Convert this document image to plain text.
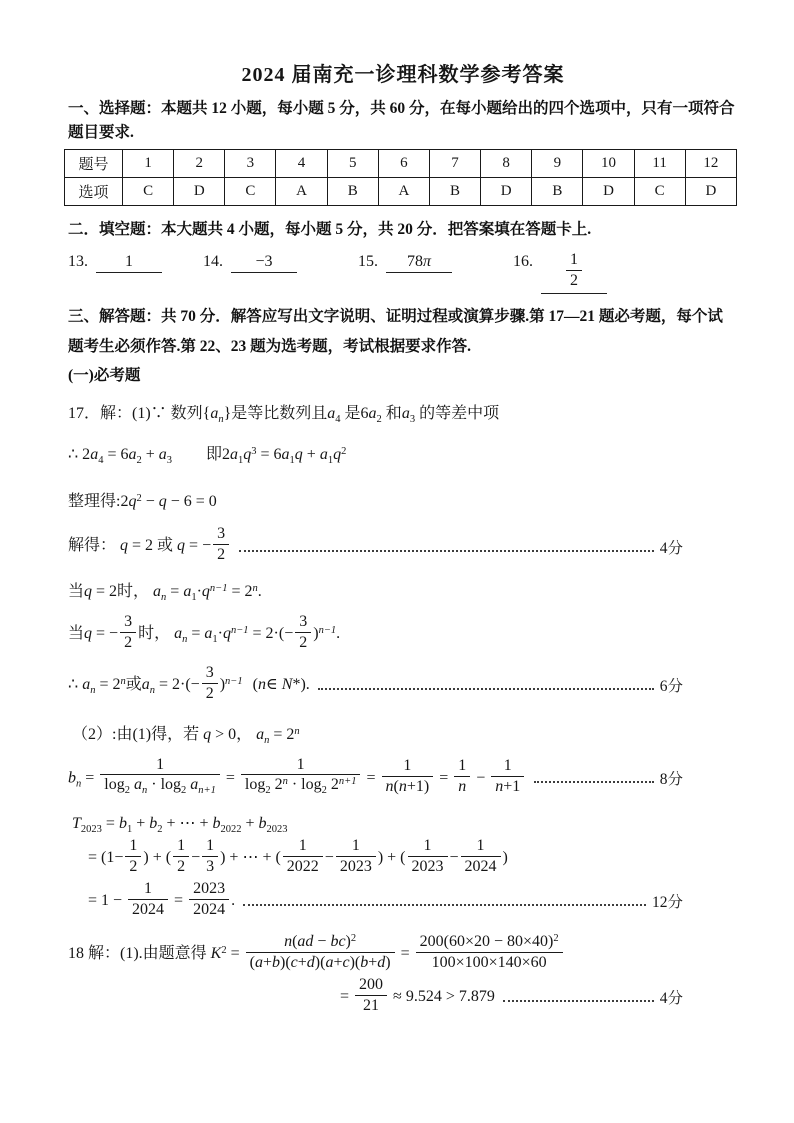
2024 届南充一诊理科数学参考答案

一、选择题：本题共 12 小题，每小题 5 分，共 60 分，在每小题给出的四个选项中，只有一项符合题目要求.

题号	1	2	3	4	5	6	7	8	9	10	11	12
选项	C	D	C	A	B	A	B	D	B	D	C	D

二．填空题：本大题共 4 小题，每小题 5 分，共 20 分．把答案填在答题卡上.

13.	1	14.	−3	15.	78π	16. $\frac{1}{2}$

三、解答题：共 70 分．解答应写出文字说明、证明过程或演算步骤.第 17—21 题必考题，每个试题考生必须作答.第 22、23 题为选考题，考试根据要求作答.

(一)必考题

17．解：(1)∵ 数列$\{a_n\}$是等比数列且$a_4$ 是$6a_2$ 和$a_3$ 的等差中项
∴ $2a_4 = 6a_2 + a_3$ 即$2a_1q^3 = 6a_1q + a_1q^2$
整理得$:2q^2 - q - 6 = 0$
解得： q = 2 或 q = − $\frac{3}{2}$	4分
当q = 2时， $a_n = a_1\cdot q^{n-1} = 2^n$.
当q = − $\frac{3}{2}$ 时， $a_n = a_1\cdot q^{n-1} = 2\cdot(- \frac{3}{2} )^{n-1}$.
∴ $a_n = 2^n$或$a_n = 2\cdot(- \frac{3}{2} )^{n-1}$ (n∈ N*).	6分
（2）:由(1)得，若 q > 0， $a_n = 2^n$
$b_n = \frac{1}{\log_2 a_n \cdot \log_2 a_{n+1}} = \frac{1}{\log_2 2^n \cdot \log_2 2^{n+1}} = \frac{1}{n(n+1)} = \frac{1}{n} - \frac{1}{n+1}$	8分
$T_{2023} = b_1 + b_2$ + ⋯ + $b_{2022} + b_{2023}$
= ($1- \frac{1}{2}$ ) + ( $\frac{1}{2} - \frac{1}{3}$ ) + ⋯ + ( $\frac{1}{2022} - \frac{1}{2023}$ ) + ( $\frac{1}{2023} - \frac{1}{2024}$ )
= $1 - \frac{1}{2024} = \frac{2023}{2024}$ .	12分
18 解：(1).由题意得 $K^2 = \frac{n(ad - bc)^2}{(a+b)(c+d)(a+c)(b+d)} = \frac{200(60\times 20 - 80\times 40)^2}{100\times 100\times 140\times 60}$
= $\frac{200}{21} \approx 9.524 > 7.879$	4分
